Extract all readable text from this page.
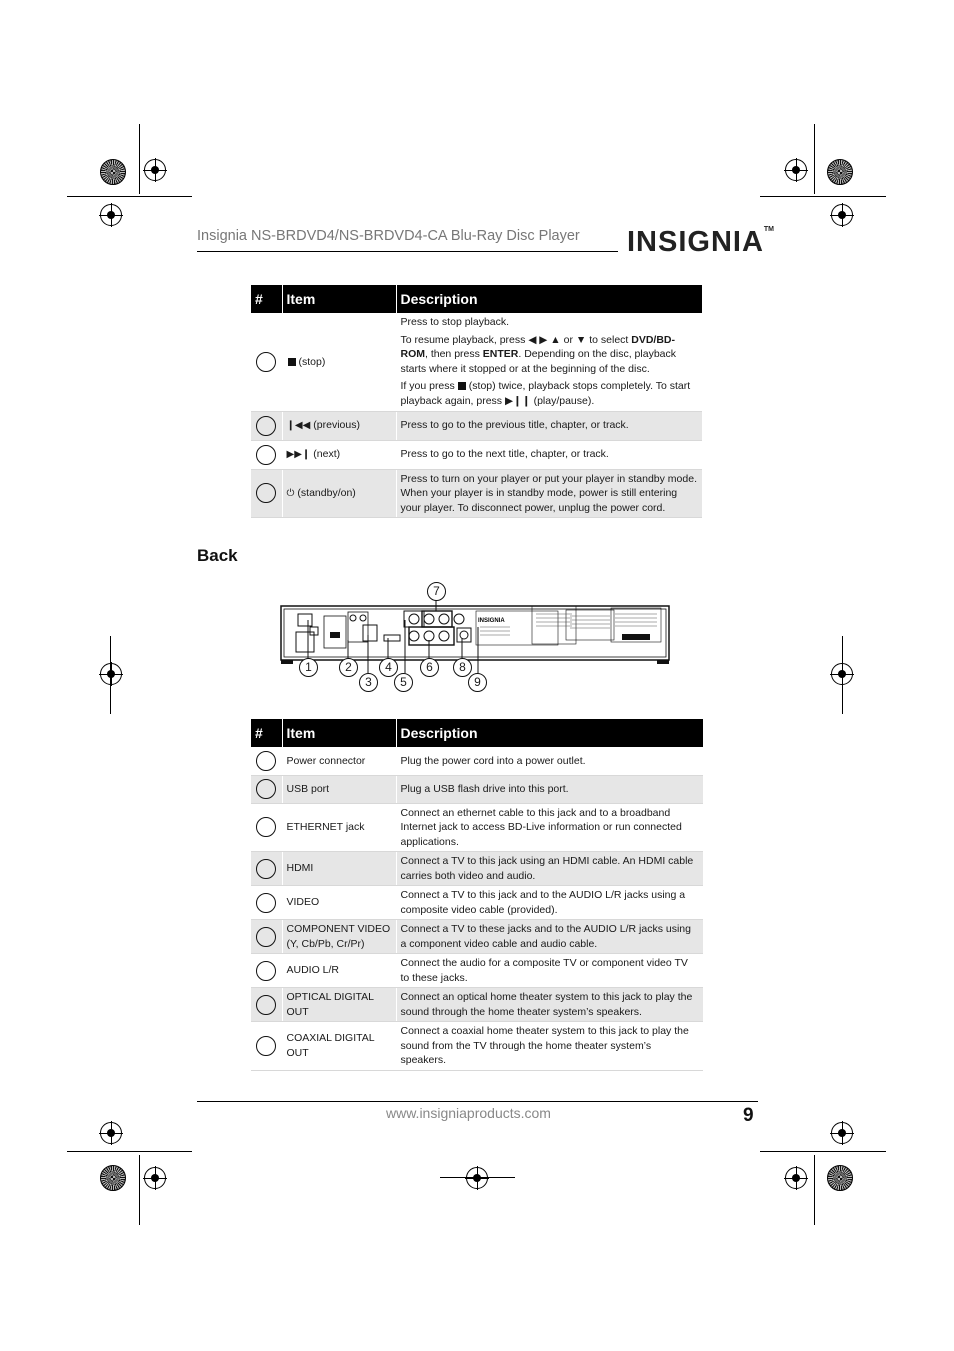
Insignia NS-BRDVD4/NS-BRDVD4-CA Blu-Ray Disc Player INSIGNIA™
#	Item	Description

	(stop)	Press to stop playback.

To resume playback, press ◀ ▶ ▲ or ▼ to select DVD/BD-ROM, then press ENTER. Depending on the disc, playback starts where it stopped or at the beginning of the disc.

If you press (stop) twice, playback stops completely. To start playback again, press ▶❙❙ (play/pause).

	❙◀◀ (previous)	Press to go to the previous title, chapter, or track.

	▶▶❙ (next)	Press to go to the next title, chapter, or track.

	⏻ (standby/on)	Press to turn on your player or put your player in standby mode. When your player is in standby mode, power is still entering your player. To disconnect power, unplug the power cord.
Back
INSIGNIA
7
1	2	4	6	8
3	5	9
#	Item	Description

	Power connector	Plug the power cord into a power outlet.

	USB port	Plug a USB flash drive into this port.

	ETHERNET jack	Connect an ethernet cable to this jack and to a broadband Internet jack to access BD-Live information or run connected applications.

	HDMI	Connect a TV to this jack using an HDMI cable. An HDMI cable carries both video and audio.

	VIDEO	Connect a TV to this jack and to the AUDIO L/R jacks using a composite video cable (provided).

	COMPONENT VIDEO (Y, Cb/Pb, Cr/Pr)	Connect a TV to these jacks and to the AUDIO L/R jacks using a component video cable and audio cable.

	AUDIO L/R	Connect the audio for a composite TV or component video TV to these jacks.

	OPTICAL DIGITAL OUT	Connect an optical home theater system to this jack to play the sound through the home theater system’s speakers.

	COAXIAL DIGITAL OUT	Connect a coaxial home theater system to this jack to play the sound from the TV through the home theater system’s speakers.
www.insigniaproducts.com	9
